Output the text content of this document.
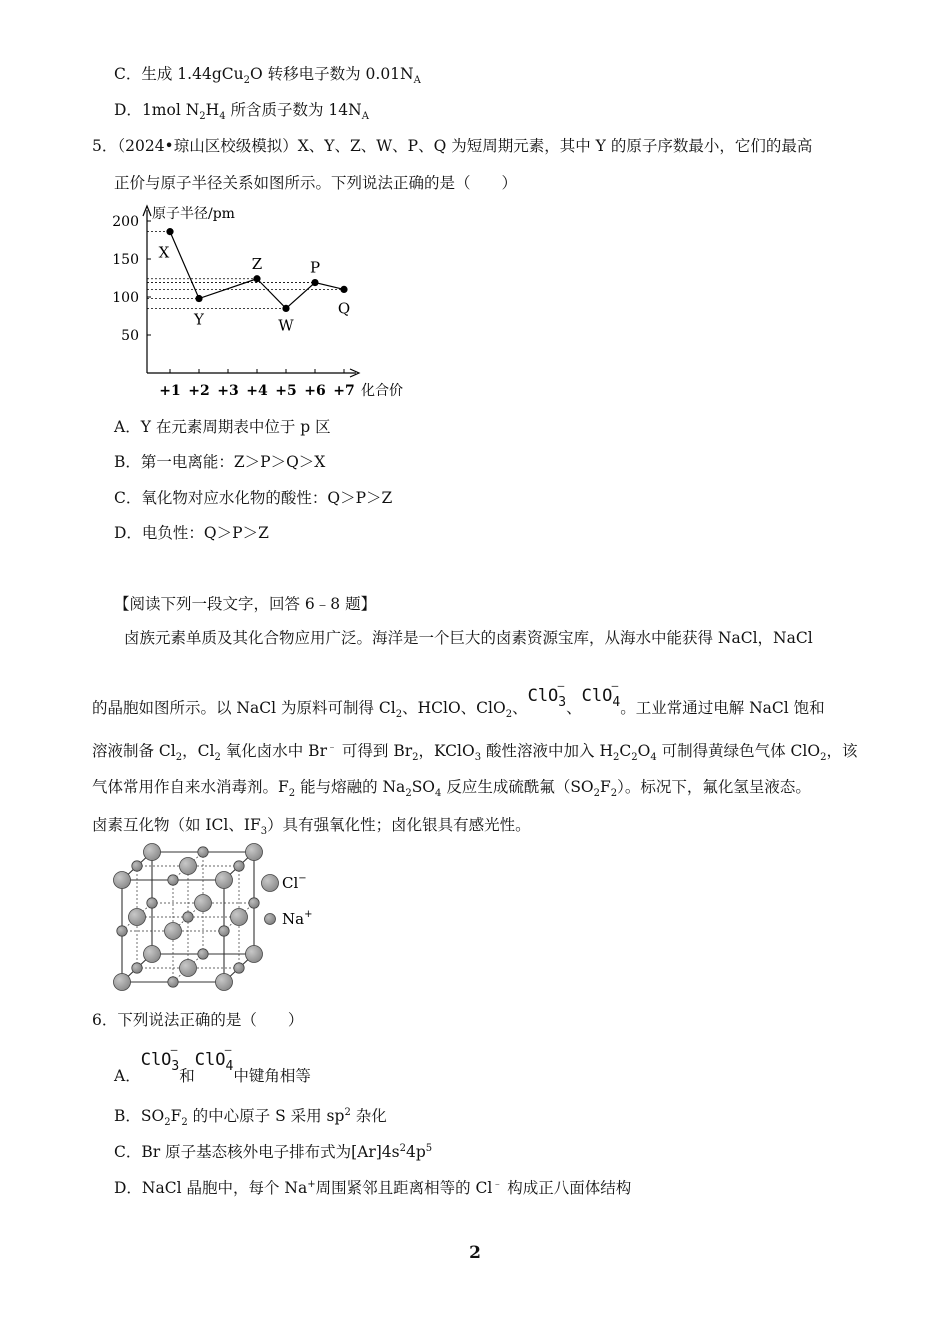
C．生成 1.44gCu$_2$O 转移电子数为 $0.01N_A$
D．1mol $N_2H_4$ 所含质子数为 $14N_A$
5．（2024•琼山区校级模拟）X、Y、Z、W、P、Q 为短周期元素，其中 Y 的原子序数最小，它们的最高
正价与原子半径关系如图所示。下列说法正确的是（　　）
原子半径/pm
化合价
200
150
100
50
+1 +2 +3 +4 +5 +6 +7
X
Y
Z
W
P
Q
A．Y 在元素周期表中位于 p 区
B．第一电离能：Z＞P＞Q＞X
C．氧化物对应水化物的酸性：Q＞P＞Z
D．电负性：Q＞P＞Z
【阅读下列一段文字，回答 6﹣8 题】
卤族元素单质及其化合物应用广泛。海洋是一个巨大的卤素资源宝库，从海水中能获得 NaCl，NaCl
的晶胞如图所示。以 NaCl 为原料可制得 $Cl_2$、HClO、ClO$_2$、ClO
–
$_3$、ClO
–
$_4$。工业常通过电解 NaCl 饱和
溶液制备 $Cl_2$，$Cl_2$ 氧化卤水中 Br﹣ 可得到 $Br_2$，KClO$_3$ 酸性溶液中加入 $H_2C_2O_4$ 可制得黄绿色气体 ClO$_2$，该
气体常用作自来水消毒剂。$F_2$ 能与熔融的 $Na_2SO_4$ 反应生成硫酰氟$(SO_2F_2)$。标况下，氟化氢呈液态。
卤素互化物（如 ICl、$IF_3$）具有强氧化性；卤化银具有感光性。
Cl−
Na+
6．下列说法正确的是（　　）
A．ClO
–
$_3$和ClO
–
$_4$中键角相等
B．$SO_2F_2$ 的中心原子 S 采用 $sp^2$ 杂化
C．Br 原子基态核外电子排布式为$[Ar]4s^24p^5$
D．NaCl 晶胞中，每个 Na+周围紧邻且距离相等的 Cl﹣ 构成正八面体结构
2
